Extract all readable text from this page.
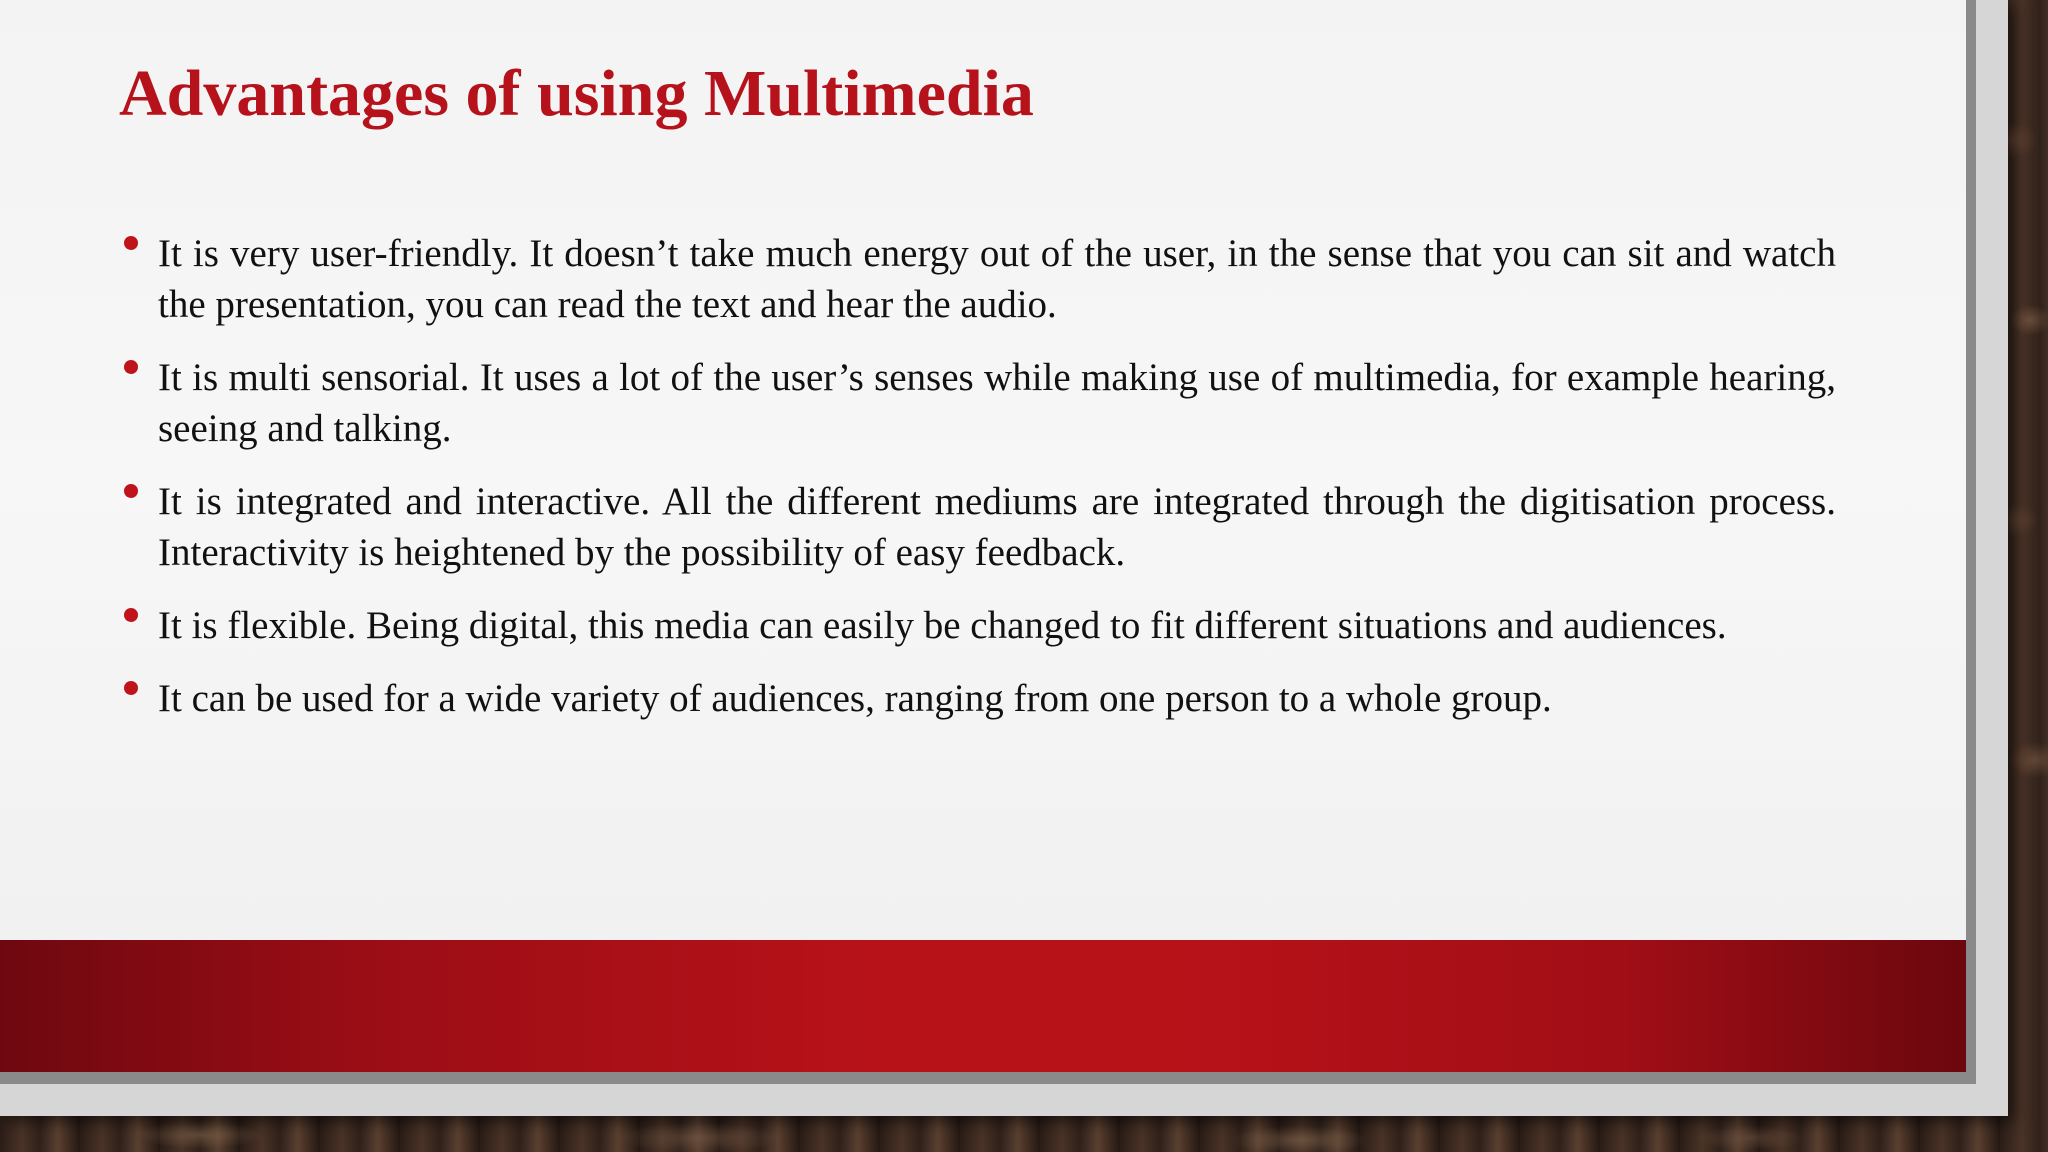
Advantages of using Multimedia
It is very user-friendly. It doesn’t take much energy out of the user, in the sense that you can sit and watch the presentation, you can read the text and hear the audio.
It is multi sensorial. It uses a lot of the user’s senses while making use of multimedia, for example hearing, seeing and talking.
It is integrated and interactive. All the different mediums are integrated through the digitisation process. Interactivity is heightened by the possibility of easy feedback.
It is flexible. Being digital, this media can easily be changed to fit different situations and audiences.
It can be used for a wide variety of audiences, ranging from one person to a whole group.
